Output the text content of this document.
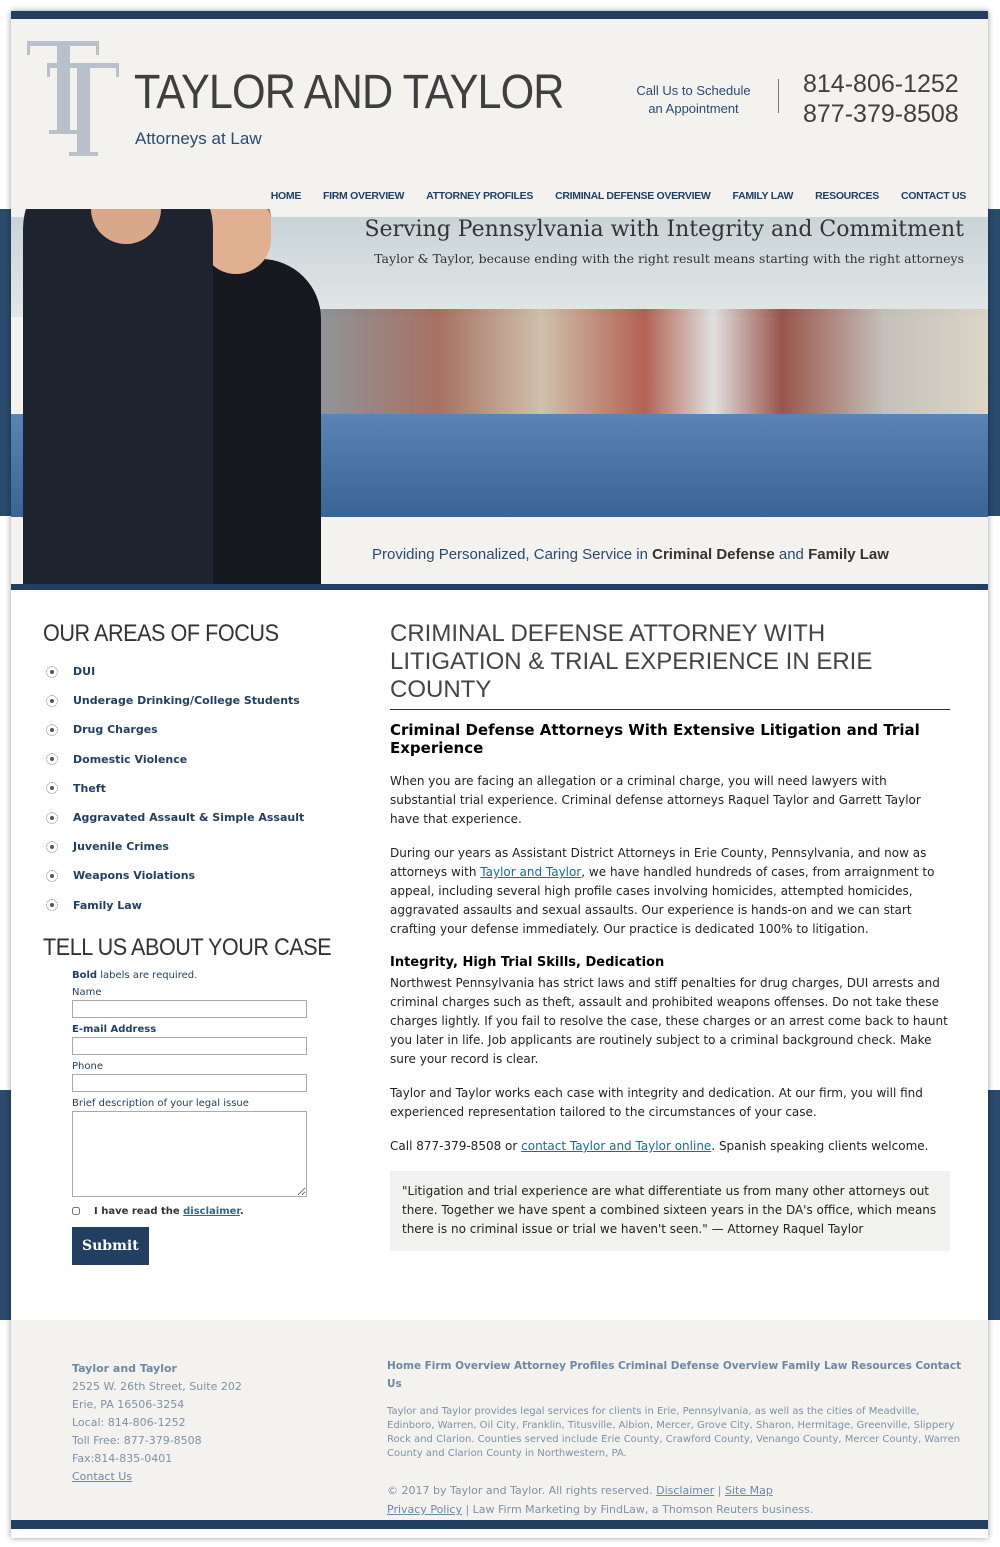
TAYLOR AND TAYLOR
Attorneys at Law
Call Us to Schedule
an Appointment
814-806-1252
877-379-8508
HOME FIRM OVERVIEW ATTORNEY PROFILES CRIMINAL DEFENSE OVERVIEW FAMILY LAW RESOURCES CONTACT US
Serving Pennsylvania with Integrity and Commitment
Taylor & Taylor, because ending with the right result means starting with the right attorneys
Providing Personalized, Caring Service in Criminal Defense and Family Law
OUR AREAS OF FOCUS
DUI
Underage Drinking/College Students
Drug Charges
Domestic Violence
Theft
Aggravated Assault & Simple Assault
Juvenile Crimes
Weapons Violations
Family Law
TELL US ABOUT YOUR CASE
Bold labels are required.
Name
E-mail Address
Phone
Brief description of your legal issue
I have read the disclaimer.
Submit
CRIMINAL DEFENSE ATTORNEY WITH LITIGATION & TRIAL EXPERIENCE IN ERIE COUNTY
Criminal Defense Attorneys With Extensive Litigation and Trial Experience

When you are facing an allegation or a criminal charge, you will need lawyers with substantial trial experience. Criminal defense attorneys Raquel Taylor and Garrett Taylor have that experience.

During our years as Assistant District Attorneys in Erie County, Pennsylvania, and now as attorneys with Taylor and Taylor, we have handled hundreds of cases, from arraignment to appeal, including several high profile cases involving homicides, attempted homicides, aggravated assaults and sexual assaults. Our experience is hands-on and we can start crafting your defense immediately. Our practice is dedicated 100% to litigation.

Integrity, High Trial Skills, Dedication

Northwest Pennsylvania has strict laws and stiff penalties for drug charges, DUI arrests and criminal charges such as theft, assault and prohibited weapons offenses. Do not take these charges lightly. If you fail to resolve the case, these charges or an arrest come back to haunt you later in life. Job applicants are routinely subject to a criminal background check. Make sure your record is clear.

Taylor and Taylor works each case with integrity and dedication. At our firm, you will find experienced representation tailored to the circumstances of your case.

Call 877-379-8508 or contact Taylor and Taylor online. Spanish speaking clients welcome.

"Litigation and trial experience are what differentiate us from many other attorneys out there. Together we have spent a combined sixteen years in the DA's office, which means there is no criminal issue or trial we haven't seen." — Attorney Raquel Taylor
Taylor and Taylor
2525 W. 26th Street, Suite 202
Erie, PA 16506-3254
Local: 814-806-1252
Toll Free: 877-379-8508
Fax:814-835-0401
Contact Us
Home Firm Overview Attorney Profiles Criminal Defense Overview Family Law Resources Contact Us
Taylor and Taylor provides legal services for clients in Erie, Pennsylvania, as well as the cities of Meadville, Edinboro, Warren, Oil City, Franklin, Titusville, Albion, Mercer, Grove City, Sharon, Hermitage, Greenville, Slippery Rock and Clarion. Counties served include Erie County, Crawford County, Venango County, Mercer County, Warren County and Clarion County in Northwestern, PA.
© 2017 by Taylor and Taylor. All rights reserved. Disclaimer | Site Map
Privacy Policy | Law Firm Marketing by FindLaw, a Thomson Reuters business.
